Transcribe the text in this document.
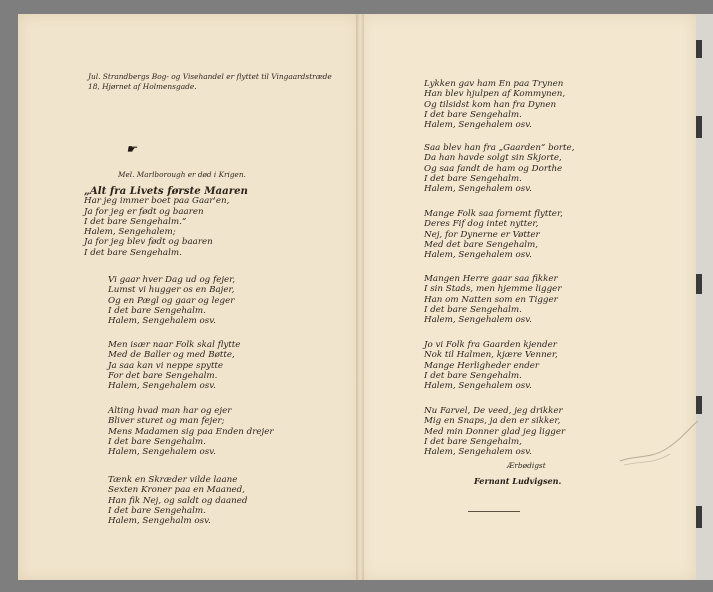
☛
Jul. Strandbergs Bog- og Visehandel er flyttet til Vingaardstræde 18, Hjørnet af Holmensgade.
Mel. Marlborough er død i Krigen.
„Alt fra Livets første Maaren
Har jeg immer boet paa Gaar'en,
Ja for jeg er født og baaren
I det bare Sengehalm.“
Halem, Sengehalem;
Ja for jeg blev født og baaren
I det bare Sengehalm.
Vi gaar hver Dag ud og fejer,
Lumst vi hugger os en Bajer,
Og en Pægl og gaar og leger
I det bare Sengehalm.
Halem, Sengehalem osv.
Men især naar Folk skal flytte
Med de Baller og med Bøtte,
Ja saa kan vi neppe spytte
For det bare Sengehalm.
Halem, Sengehalem osv.
Alting hvad man har og ejer
Bliver sturet og man fejer;
Mens Madamen sig paa Enden drejer
I det bare Sengehalm.
Halem, Sengehalem osv.
Tænk en Skræder vilde laane
Sexten Kroner paa en Maaned,
Han fik Nej, og saldt og daaned
I det bare Sengehalm.
Halem, Sengehalm osv.
Lykken gav ham En paa Trynen
Han blev hjulpen af Kommynen,
Og tilsidst kom han fra Dynen
I det bare Sengehalm.
Halem, Sengehalem osv.
Saa blev han fra „Gaarden“ borte,
Da han havde solgt sin Skjorte,
Og saa fandt de ham og Dorthe
I det bare Sengehalm.
Halem, Sengehalem osv.
Mange Folk saa fornemt flytter,
Deres Fif dog intet nytter,
Nej, for Dynerne er Vøtter
Med det bare Sengehalm,
Halem, Sengehalem osv.
Mangen Herre gaar saa fikker
I sin Stads, men hjemme ligger
Han om Natten som en Tigger
I det bare Sengehalm.
Halem, Sengehalem osv.
Jo vi Folk fra Gaarden kjender
Nok til Halmen, kjære Venner,
Mange Herligheder ender
I det bare Sengehalm.
Halem, Sengehalem osv.
Nu Farvel, De veed, jeg drikker
Mig en Snaps, ja den er sikker,
Med min Donner glad jeg ligger
I det bare Sengehalm,
Halem, Sengehalem osv.
Ærbødigst
Fernant Ludvigsen.
